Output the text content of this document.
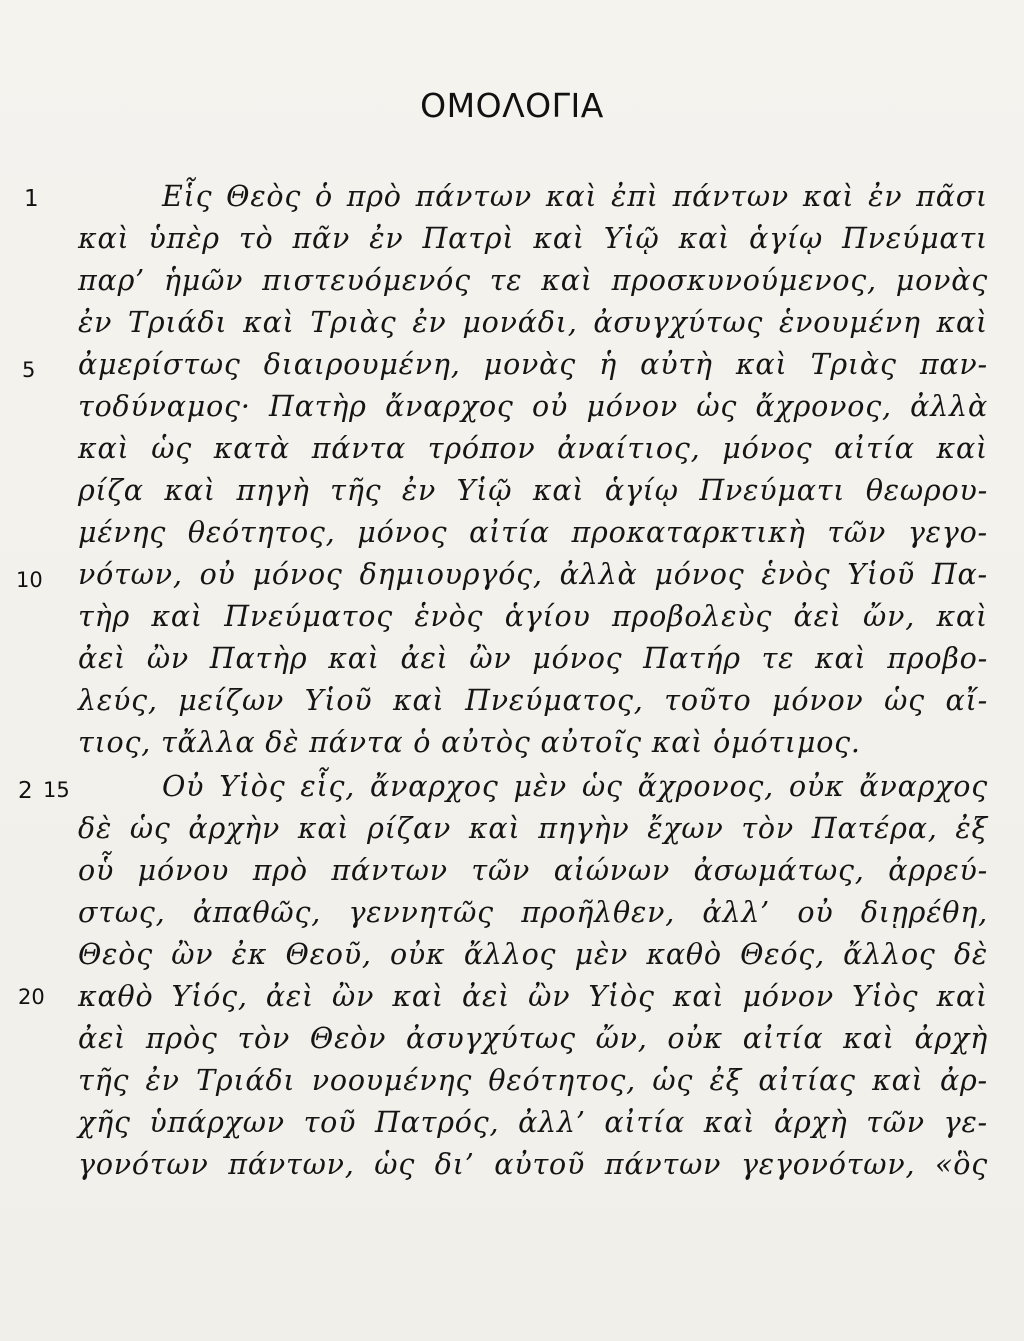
ΟΜΟΛΟΓΙΑ
1
5
10
2 15
20
Εἷς Θεὸς ὁ πρὸ πάντων καὶ ἐπὶ πάντων καὶ ἐν πᾶσι
καὶ ὑπὲρ τὸ πᾶν ἐν Πατρὶ καὶ Υἱῷ καὶ ἁγίῳ Πνεύματι
παρ’ ἡμῶν πιστευόμενός τε καὶ προσκυνούμενος, μονὰς
ἐν Τριάδι καὶ Τριὰς ἐν μονάδι, ἀσυγχύτως ἑνουμένη καὶ
ἀμερίστως διαιρουμένη, μονὰς ἡ αὐτὴ καὶ Τριὰς παν-
τοδύναμος· Πατὴρ ἄναρχος οὐ μόνον ὡς ἄχρονος, ἀλλὰ
καὶ ὡς κατὰ πάντα τρόπον ἀναίτιος, μόνος αἰτία καὶ
ρίζα καὶ πηγὴ τῆς ἐν Υἱῷ καὶ ἁγίῳ Πνεύματι θεωρου-
μένης θεότητος, μόνος αἰτία προκαταρκτικὴ τῶν γεγο-
νότων, οὐ μόνος δημιουργός, ἀλλὰ μόνος ἑνὸς Υἱοῦ Πα-
τὴρ καὶ Πνεύματος ἑνὸς ἁγίου προβολεὺς ἀεὶ ὤν, καὶ
ἀεὶ ὢν Πατὴρ καὶ ἀεὶ ὢν μόνος Πατήρ τε καὶ προβο-
λεύς, μείζων Υἱοῦ καὶ Πνεύματος, τοῦτο μόνον ὡς αἴ-
τιος, τἄλλα δὲ πάντα ὁ αὐτὸς αὐτοῖς καὶ ὁμότιμος.
Οὐ Υἱὸς εἷς, ἄναρχος μὲν ὡς ἄχρονος, οὐκ ἄναρχος
δὲ ὡς ἀρχὴν καὶ ρίζαν καὶ πηγὴν ἔχων τὸν Πατέρα, ἐξ
οὗ μόνου πρὸ πάντων τῶν αἰώνων ἀσωμάτως, ἀρρεύ-
στως, ἀπαθῶς, γεννητῶς προῆλθεν, ἀλλ’ οὐ διῃρέθη,
Θεὸς ὢν ἐκ Θεοῦ, οὐκ ἄλλος μὲν καθὸ Θεός, ἄλλος δὲ
καθὸ Υἱός, ἀεὶ ὢν καὶ ἀεὶ ὢν Υἱὸς καὶ μόνον Υἱὸς καὶ
ἀεὶ πρὸς τὸν Θεὸν ἀσυγχύτως ὤν, οὐκ αἰτία καὶ ἀρχὴ
τῆς ἐν Τριάδι νοουμένης θεότητος, ὡς ἐξ αἰτίας καὶ ἀρ-
χῆς ὑπάρχων τοῦ Πατρός, ἀλλ’ αἰτία καὶ ἀρχὴ τῶν γε-
γονότων πάντων, ὡς δι’ αὐτοῦ πάντων γεγονότων, «ὃς
